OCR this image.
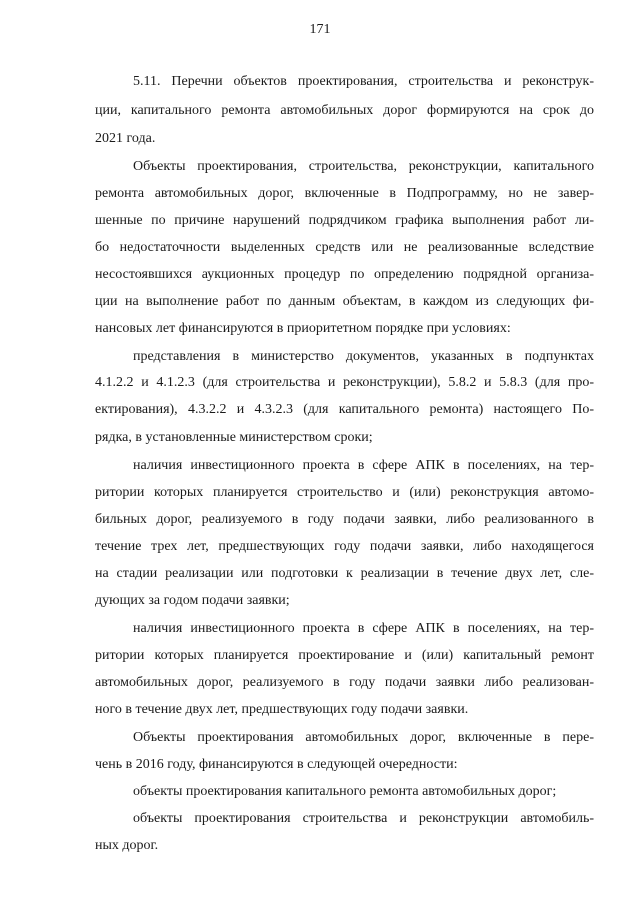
171
5.11. Перечни объектов проектирования, строительства и реконструк-
ции, капитального ремонта автомобильных дорог формируются на срок до
2021 года.
Объекты проектирования, строительства, реконструкции, капитального
ремонта автомобильных дорог, включенные в Подпрограмму, но не завер-
шенные по причине нарушений подрядчиком графика выполнения работ ли-
бо недостаточности выделенных средств или не реализованные вследствие
несостоявшихся аукционных процедур по определению подрядной организа-
ции на выполнение работ по данным объектам, в каждом из следующих фи-
нансовых лет финансируются в приоритетном порядке при условиях:
представления в министерство документов, указанных в подпунктах
4.1.2.2 и 4.1.2.3 (для строительства и реконструкции), 5.8.2 и 5.8.3 (для про-
ектирования), 4.3.2.2 и 4.3.2.3 (для капитального ремонта) настоящего По-
рядка, в установленные министерством сроки;
наличия инвестиционного проекта в сфере АПК в поселениях, на тер-
ритории которых планируется строительство и (или) реконструкция автомо-
бильных дорог, реализуемого в году подачи заявки, либо реализованного в
течение трех лет, предшествующих году подачи заявки, либо находящегося
на стадии реализации или подготовки к реализации в течение двух лет, сле-
дующих за годом подачи заявки;
наличия инвестиционного проекта в сфере АПК в поселениях, на тер-
ритории которых планируется проектирование и (или) капитальный ремонт
автомобильных дорог, реализуемого в году подачи заявки либо реализован-
ного в течение двух лет, предшествующих году подачи заявки.
Объекты проектирования автомобильных дорог, включенные в пере-
чень в 2016 году, финансируются в следующей очередности:
объекты проектирования капитального ремонта автомобильных дорог;
объекты проектирования строительства и реконструкции автомобиль-
ных дорог.
